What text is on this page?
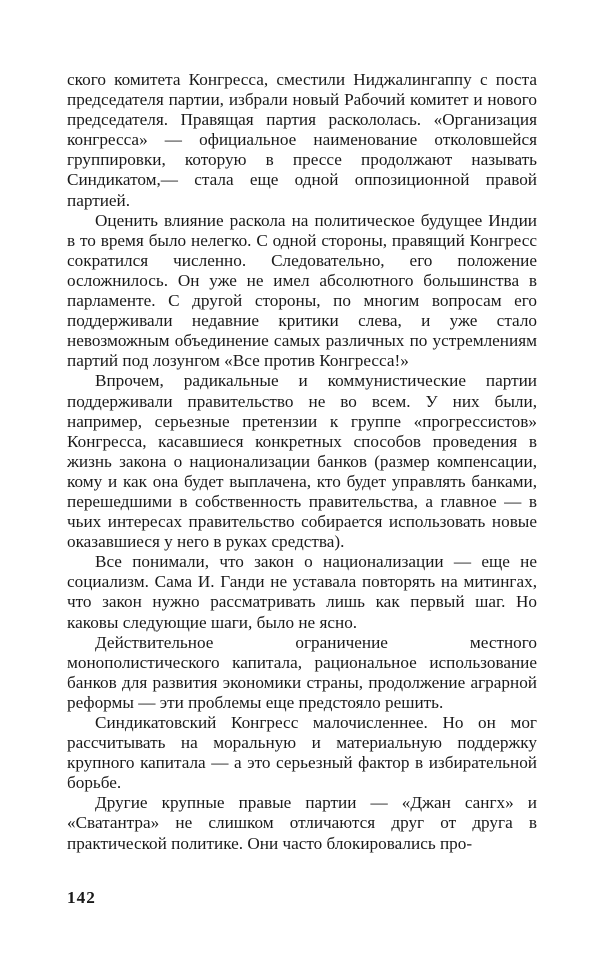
ского комитета Конгресса, сместили Ниджалингаппу с поста председателя партии, избрали новый Рабочий комитет и нового председателя. Правящая партия раскололась. «Организация конгресса» — официальное наименование отколовшейся группировки, которую в прессе продолжают называть Синдикатом,— стала еще одной оппозиционной правой партией.

Оценить влияние раскола на политическое будущее Индии в то время было нелегко. С одной стороны, правящий Конгресс сократился численно. Следовательно, его положение осложнилось. Он уже не имел абсолютного большинства в парламенте. С другой стороны, по многим вопросам его поддерживали недавние критики слева, и уже стало невозможным объединение самых различных по устремлениям партий под лозунгом «Все против Конгресса!»

Впрочем, радикальные и коммунистические партии поддерживали правительство не во всем. У них были, например, серьезные претензии к группе «прогрессистов» Конгресса, касавшиеся конкретных способов проведения в жизнь закона о национализации банков (размер компенсации, кому и как она будет выплачена, кто будет управлять банками, перешедшими в собственность правительства, а главное — в чьих интересах правительство собирается использовать новые оказавшиеся у него в руках средства).

Все понимали, что закон о национализации — еще не социализм. Сама И. Ганди не уставала повторять на митингах, что закон нужно рассматривать лишь как первый шаг. Но каковы следующие шаги, было не ясно.

Действительное ограничение местного монополистического капитала, рациональное использование банков для развития экономики страны, продолжение аграрной реформы — эти проблемы еще предстояло решить.

Синдикатовский Конгресс малочисленнее. Но он мог рассчитывать на моральную и материальную поддержку крупного капитала — а это серьезный фактор в избирательной борьбе.

Другие крупные правые партии — «Джан сангх» и «Сватантра» не слишком отличаются друг от друга в практической политике. Они часто блокировались про-

142
